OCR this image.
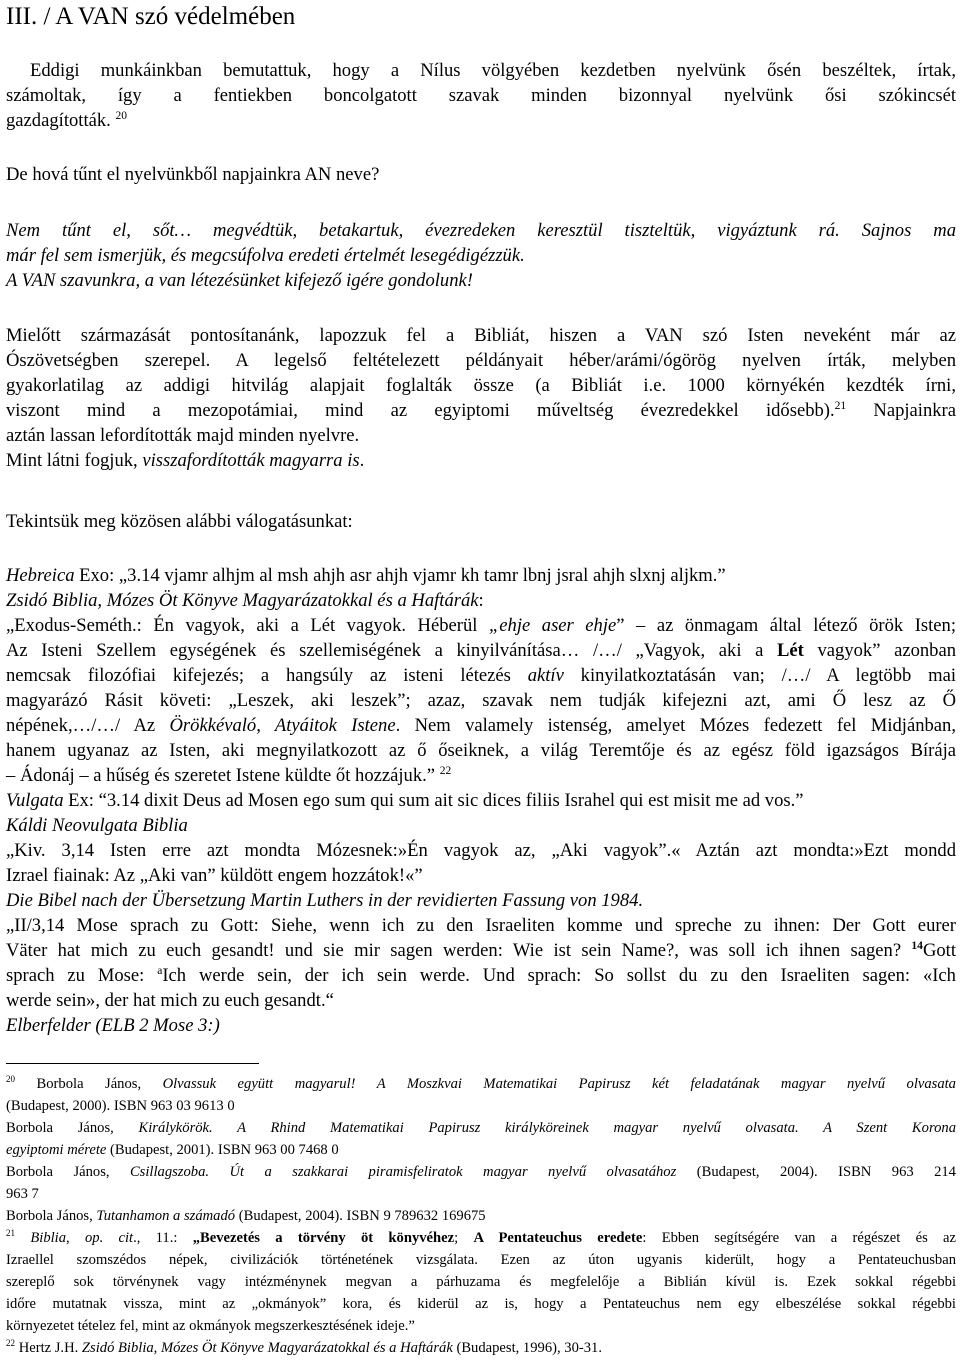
III. / A VAN szó védelmében
Eddigi munkáinkban bemutattuk, hogy a Nílus völgyében kezdetben nyelvünk ősén beszéltek, írtak,
számoltak, így a fentiekben boncolgatott szavak minden bizonnyal nyelvünk ősi szókincsét
gazdagították. $^{20}$
De hová tűnt el nyelvünkből napjainkra AN neve?
Nem tűnt el, sőt… megvédtük, betakartuk, évezredeken keresztül tiszteltük, vigyáztunk rá. Sajnos ma
már fel sem ismerjük, és megcsúfolva eredeti értelmét lesegédigézzük.
A VAN szavunkra, a van létezésünket kifejező igére gondolunk!
Mielőtt származását pontosítanánk, lapozzuk fel a Bibliát, hiszen a VAN szó Isten neveként már az
Ószövetségben szerepel. A legelső feltételezett példányait héber/arámi/ógörög nyelven írták, melyben
gyakorlatilag az addigi hitvilág alapjait foglalták össze (a Bibliát i.e. 1000 környékén kezdték írni,
viszont mind a mezopotámiai, mind az egyiptomi műveltség évezredekkel idősebb).$^{21}$ Napjainkra
aztán lassan lefordították majd minden nyelvre.
Mint látni fogjuk, visszafordították magyarra is.
Tekintsük meg közösen alábbi válogatásunkat:
Hebreica Exo: „3.14 vjamr alhjm al msh ahjh asr ahjh vjamr kh tamr lbnj jsral ahjh slxnj aljkm.”
Zsidó Biblia, Mózes Öt Könyve Magyarázatokkal és a Haftárák:
„Exodus-Seméth.: Én vagyok, aki a Lét vagyok. Héberül „ehje aser ehje” – az önmagam által létező örök Isten;
Az Isteni Szellem egységének és szellemiségének a kinyilvánítása… /…/ „Vagyok, aki a Lét vagyok” azonban
nemcsak filozófiai kifejezés; a hangsúly az isteni létezés aktív kinyilatkoztatásán van; /…/ A legtöbb mai
magyarázó Rásit követi: „Leszek, aki leszek”; azaz, szavak nem tudják kifejezni azt, ami Ő lesz az Ő
népének,…/…/ Az Örökkévaló, Atyáitok Istene. Nem valamely istenség, amelyet Mózes fedezett fel Midjánban,
hanem ugyanaz az Isten, aki megnyilatkozott az ő őseiknek, a világ Teremtője és az egész föld igazságos Bírája
– Ádonáj – a hűség és szeretet Istene küldte őt hozzájuk.” $^{22}$
Vulgata Ex: “3.14 dixit Deus ad Mosen ego sum qui sum ait sic dices filiis Israhel qui est misit me ad vos.”
Káldi Neovulgata Biblia
„Kiv. 3,14 Isten erre azt mondta Mózesnek:»Én vagyok az, „Aki vagyok”.« Aztán azt mondta:»Ezt mondd
Izrael fiainak: Az „Aki van” küldött engem hozzátok!«”
Die Bibel nach der Übersetzung Martin Luthers in der revidierten Fassung von 1984.
„II/3,14 Mose sprach zu Gott: Siehe, wenn ich zu den Israeliten komme und spreche zu ihnen: Der Gott eurer
Väter hat mich zu euch gesandt! und sie mir sagen werden: Wie ist sein Name?, was soll ich ihnen sagen? $^{14}$Gott
sprach zu Mose: $^a$Ich werde sein, der ich sein werde. Und sprach: So sollst du zu den Israeliten sagen: «Ich
werde sein», der hat mich zu euch gesandt.“
Elberfelder (ELB 2 Mose 3:)
$^{20}$ Borbola János, Olvassuk együtt magyarul! A Moszkvai Matematikai Papirusz két feladatának magyar nyelvű olvasata
(Budapest, 2000). ISBN 963 03 9613 0
Borbola János, Királykörök. A Rhind Matematikai Papirusz királyköreinek magyar nyelvű olvasata. A Szent Korona
egyiptomi mérete (Budapest, 2001). ISBN 963 00 7468 0
Borbola János, Csillagszoba. Út a szakkarai piramisfeliratok magyar nyelvű olvasatához (Budapest, 2004). ISBN 963 214
963 7
Borbola János, Tutanhamon a számadó (Budapest, 2004). ISBN 9 789632 169675
$^{21}$ Biblia, op. cit., 11.: „Bevezetés a törvény öt könyvéhez; A Pentateuchus eredete: Ebben segítségére van a régészet és az
Izraellel szomszédos népek, civilizációk történetének vizsgálata. Ezen az úton ugyanis kiderült, hogy a Pentateuchusban
szereplő sok törvénynek vagy intézménynek megvan a párhuzama és megfelelője a Biblián kívül is. Ezek sokkal régebbi
időre mutatnak vissza, mint az „okmányok” kora, és kiderül az is, hogy a Pentateuchus nem egy elbeszélése sokkal régebbi
környezetet tételez fel, mint az okmányok megszerkesztésének ideje.”
$^{22}$ Hertz J.H. Zsidó Biblia, Mózes Öt Könyve Magyarázatokkal és a Haftárák (Budapest, 1996), 30-31.
